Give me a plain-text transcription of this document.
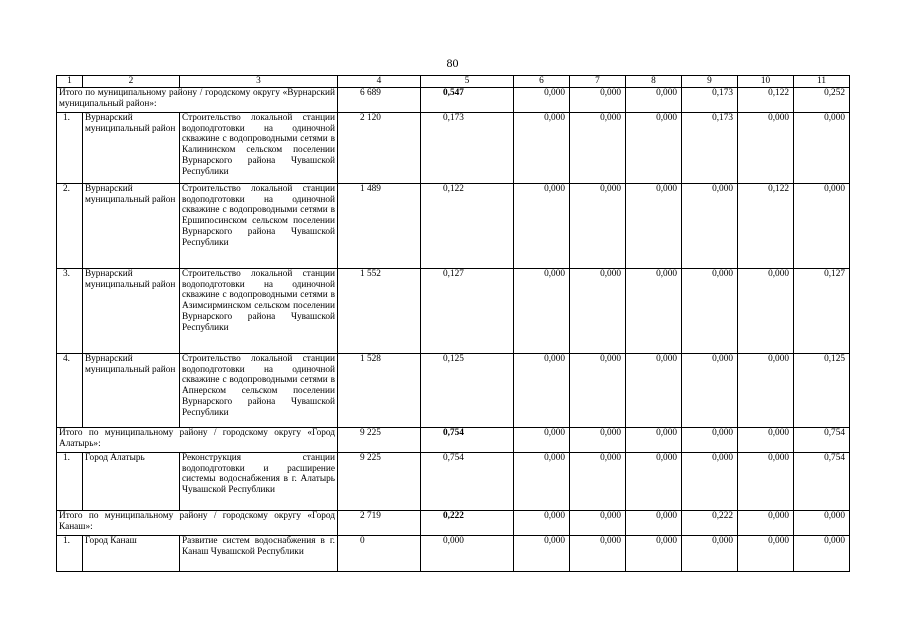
80
1	2	3	4	5	6	7	8	9	10	11
Итого по муниципальному району / городскому округу «Вурнарский муниципальный район»:			6 689	0,547	0,000	0,000	0,000	0,173	0,122	0,252
1.	Вурнарский муниципальный район	Строительство локальной станции водоподготовки на одиночной скважине с водопроводными сетями в Калининском сельском поселении Вурнарского района Чувашской Республики	2 120	0,173	0,000	0,000	0,000	0,173	0,000	0,000
2.	Вурнарский муниципальный район	Строительство локальной станции водоподготовки на одиночной скважине с водопроводными сетями в Ершипосинском сельском поселении Вурнарского района Чувашской Республики	1 489	0,122	0,000	0,000	0,000	0,000	0,122	0,000
3.	Вурнарский муниципальный район	Строительство локальной станции водоподготовки на одиночной скважине с водопроводными сетями в Азимсирминском сельском поселении Вурнарского района Чувашской Республики	1 552	0,127	0,000	0,000	0,000	0,000	0,000	0,127
4.	Вурнарский муниципальный район	Строительство локальной станции водоподготовки на одиночной скважине с водопроводными сетями в Апнерском сельском поселении Вурнарского района Чувашской Республики	1 528	0,125	0,000	0,000	0,000	0,000	0,000	0,125
Итого по муниципальному району / городскому округу «Город Алатырь»:			9 225	0,754	0,000	0,000	0,000	0,000	0,000	0,754
1.	Город Алатырь	Реконструкция станции водоподготовки и расширение системы водоснабжения в г. Алатырь Чувашской Республики	9 225	0,754	0,000	0,000	0,000	0,000	0,000	0,754
Итого по муниципальному району / городскому округу «Город Канаш»:			2 719	0,222	0,000	0,000	0,000	0,222	0,000	0,000
1.	Город Канаш	Развитие систем водоснабжения в г. Канаш Чувашской Республики	0	0,000	0,000	0,000	0,000	0,000	0,000	0,000
